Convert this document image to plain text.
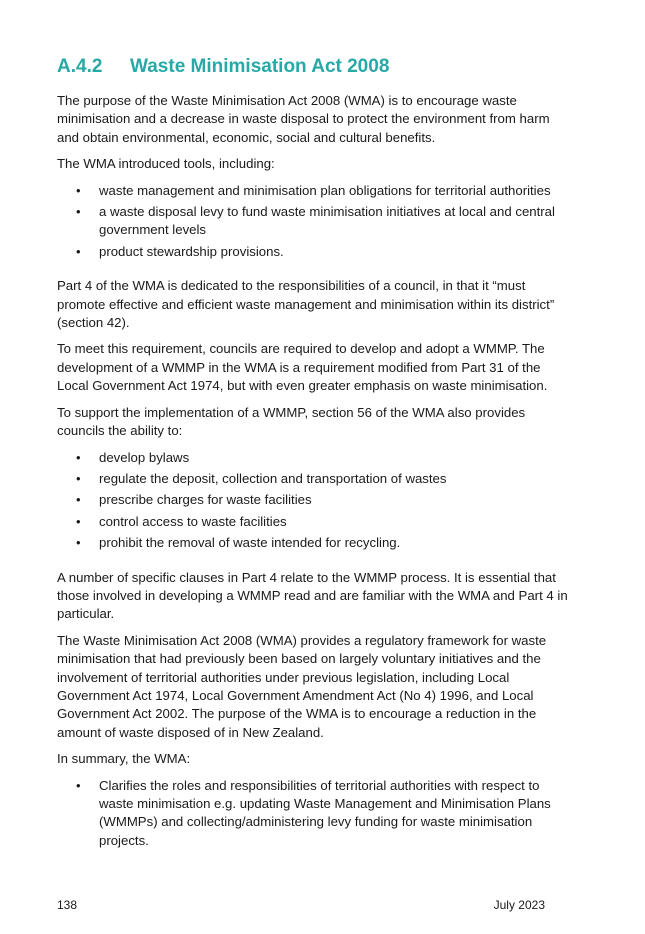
A.4.2	Waste Minimisation Act 2008

The purpose of the Waste Minimisation Act 2008 (WMA) is to encourage waste minimisation and a decrease in waste disposal to protect the environment from harm and obtain environmental, economic, social and cultural benefits.

The WMA introduced tools, including:

• waste management and minimisation plan obligations for territorial authorities
• a waste disposal levy to fund waste minimisation initiatives at local and central government levels
• product stewardship provisions.

Part 4 of the WMA is dedicated to the responsibilities of a council, in that it “must promote effective and efficient waste management and minimisation within its district” (section 42).

To meet this requirement, councils are required to develop and adopt a WMMP. The development of a WMMP in the WMA is a requirement modified from Part 31 of the Local Government Act 1974, but with even greater emphasis on waste minimisation.

To support the implementation of a WMMP, section 56 of the WMA also provides councils the ability to:

• develop bylaws
• regulate the deposit, collection and transportation of wastes
• prescribe charges for waste facilities
• control access to waste facilities
• prohibit the removal of waste intended for recycling.

A number of specific clauses in Part 4 relate to the WMMP process. It is essential that those involved in developing a WMMP read and are familiar with the WMA and Part 4 in particular.

The Waste Minimisation Act 2008 (WMA) provides a regulatory framework for waste minimisation that had previously been based on largely voluntary initiatives and the involvement of territorial authorities under previous legislation, including Local Government Act 1974, Local Government Amendment Act (No 4) 1996, and Local Government Act 2002. The purpose of the WMA is to encourage a reduction in the amount of waste disposed of in New Zealand.

In summary, the WMA:

• Clarifies the roles and responsibilities of territorial authorities with respect to waste minimisation e.g. updating Waste Management and Minimisation Plans (WMMPs) and collecting/administering levy funding for waste minimisation projects.
138	July 2023
